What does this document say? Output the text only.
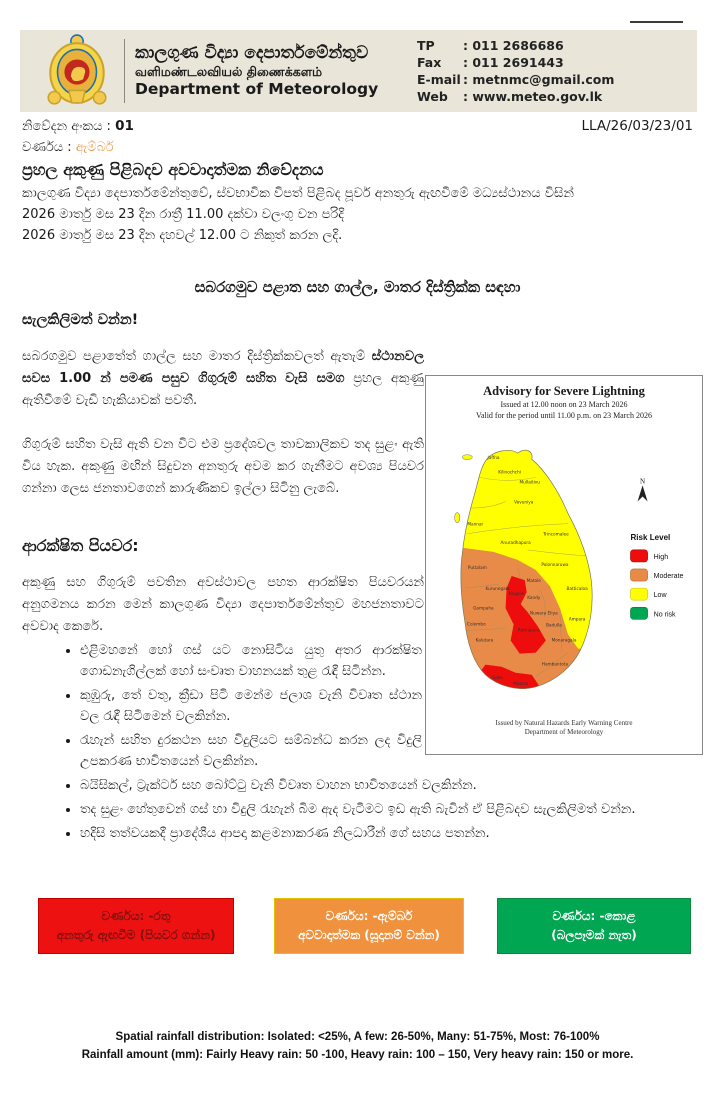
කාලගුණ විද්‍යා දෙපාර්තමේන්තුව
வளிமண்டலவியல் திணைக்களம்
Department of Meteorology
TP	: 011 2686686
Fax	: 011 2691443
E-mail : metnmc@gmail.com
Web	: www.meteo.gov.lk
නිවේදන අංකය : 01	LLA/26/03/23/01
වර්ණය : ඇම්බර්
ප්‍රහල අකුණු පිළිබදව අවවාදාත්මක නිවේදනය
කාලගුණ විද්‍යා දෙපාර්තමේන්තුවේ, ස්වභාවික විපත් පිළිබද පූර්ව අනතුරු ඇඟවීමේ මධ්‍යස්ථානය විසින්
2026 මාර්තු මස 23 දින රාත්‍රී 11.00 දක්වා වලංගු වන පරිදි
2026 මාර්තු මස 23 දින දහවල් 12.00 ට නිකුත් කරන ලදි.
සබරගමුව පළාත සහ ගාල්ල, මාතර දිස්ත්‍රික්ක සඳහා
සැලකිලිමත් වන්න!
සබරගමුව පළාතේත් ගාල්ල සහ මාතර දිස්ත්‍රික්කවලත් ඇතැම් ස්ථානවල සවස 1.00 න් පමණ පසුව ගිගුරුම් සහිත වැසි සමග ප්‍රහල අකුණු ඇතිවීමේ වැඩි හැකියාවක් පවතී.
ගිගුරුම් සහිත වැසි ඇති වන විට එම ප්‍රදේශවල තාවකාලිකව තද සුළං ඇති විය හැක. අකුණු මඟින් සිදුවන අනතුරු අවම කර ගැනීමට අවශ්‍ය පියවර ගන්නා ලෙස ජනතාවගෙන් කාරුණිකව ඉල්ලා සිටිනු ලැබේ.
ආරක්ෂිත පියවර:
අකුණු සහ ගිගුරුම් පවතින අවස්ථාවල පහත ආරක්ෂිත පියවරයන් අනුගමනය කරන මෙන් කාලගුණ විද්‍යා දෙපාර්තමේන්තුව මහජනතාවට අවවාද කෙරේ.
• එළිමහනේ හෝ ගස් යට නොසිටිය යුතු අතර ආරක්ෂිත ගොඩනැගිල්ලක් හෝ සංවෘත වාහනයක් තුළ රැඳී සිටින්න.
• කුඹුරු, තේ වතු, ක්‍රීඩා පිටි මෙන්ම ජලාශ වැනි විවෘත ස්ථාන වල රැඳී සිටීමෙන් වලකින්න.
• රැහැන් සහිත දුරකථන සහ විදුලියට සම්බන්ධ කරන ලද විදුලි උපකරණ භාවිතයෙන් වලකින්න.
• බයිසිකල්, ට්‍රැක්ටර් සහ බෝට්ටු වැනි විවෘත වාහන භාවිතයෙන් වලකින්න.
• තද සුළං හේතුවෙන් ගස් හා විදුලි රැහැන් බිම ඇද වැටීමට ඉඩ ඇති බැවින් ඒ පිළිබදව සැලකිලිමත් වන්න.
• හදිසි තත්වයකදී ප්‍රාදේශීය ආපදා කළමනාකරණ නිලධාරීන් ගේ සහය පතන්න.
Advisory for Severe Lightning
Issued at 12.00 noon on 23 March 2026
Valid for the period until 11.00 p.m. on 23 March 2026
Jaffna
Kilinochchi
Mullaitivu
Mannar
Vavuniya
Anuradhapura
Trincomalee
Polonnaruwa
Batticaloa
Ampara
Puttalam
Kurunegala
Matale
Kandy
Nuwara Eliya
Badulla
Monaragala
Hambantota
Gampaha
Colombo
Kalutara
Kegalle
Ratnapura
Galle
Matara
N
Risk Level
High
Moderate
Low
No risk
Issued by Natural Hazards Early Warning Centre
Department of Meteorology
වර්ණය: -රතු
අනතුරු ඇඟවීම (පියවර ගන්න)
වර්ණය: -ඇම්බර්
අවවාදාත්මක (සූදානම් වන්න)
වර්ණය: -කොළ
(බලපෑමක් නැත)
Spatial rainfall distribution: Isolated: <25%, A few: 26-50%, Many: 51-75%, Most: 76-100%
Rainfall amount (mm): Fairly Heavy rain: 50 -100, Heavy rain: 100 – 150, Very heavy rain: 150 or more.
